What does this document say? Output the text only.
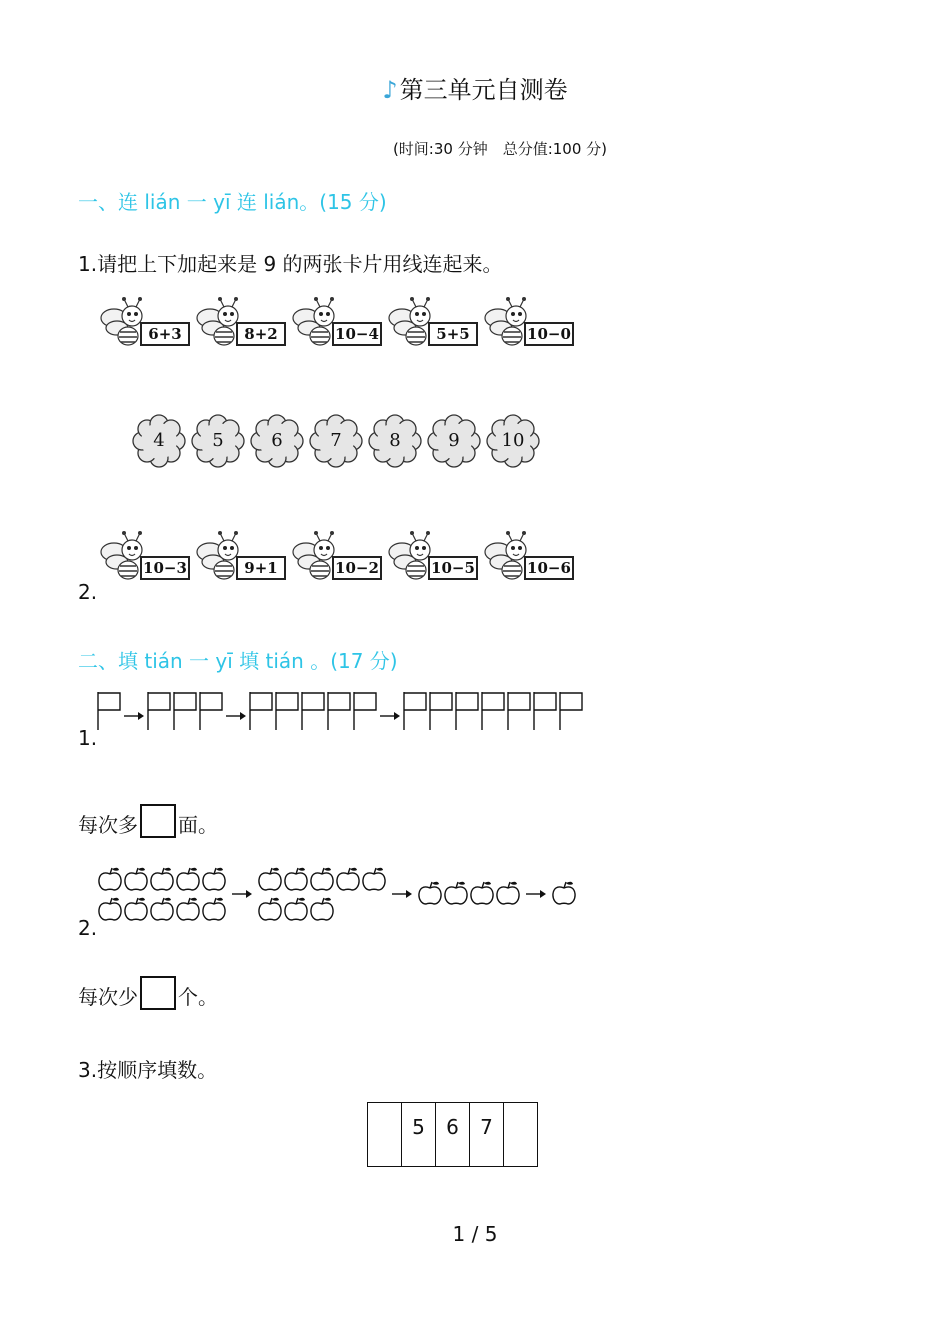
♪第三单元自测卷
(时间:30 分钟　总分值:100 分)
一、连 lián 一 yī 连 lián。(15 分)
1.请把上下加起来是 9 的两张卡片用线连起来。
6+3	8+2	10−4	5+5	10−0
4	5	6	7	8	9	10
2.
10−3	9+1	10−2	10−5	10−6
二、填 tián 一 yī 填 tián 。(17 分)
1.
每次多 面。
2.
每次少 个。
3.按顺序填数。
	5	6	7	
1 / 5
